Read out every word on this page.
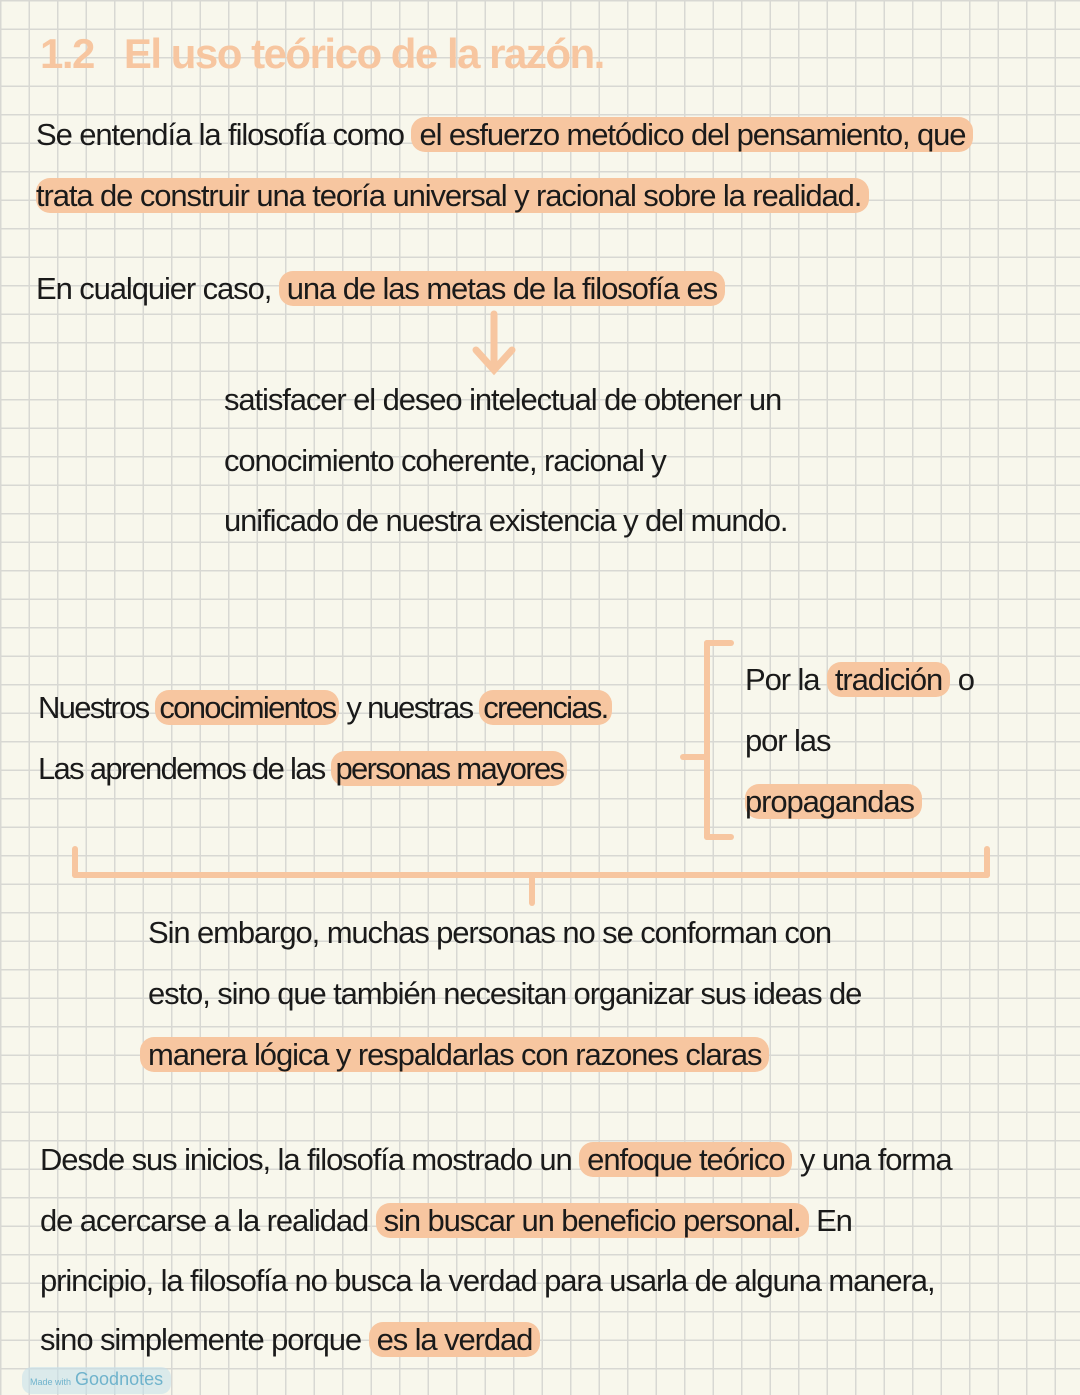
1.2 El uso teórico de la razón.
Se entendía la filosofía como el esfuerzo metódico del pensamiento, que
trata de construir una teoría universal y racional sobre la realidad.
En cualquier caso, una de las metas de la filosofía es
satisfacer el deseo intelectual de obtener un
conocimiento coherente, racional y
unificado de nuestra existencia y del mundo.
Nuestros conocimientos y nuestras creencias.
Las aprendemos de las personas mayores
Por la tradición o
por las
propagandas
Sin embargo, muchas personas no se conforman con
esto, sino que también necesitan organizar sus ideas de
manera lógica y respaldarlas con razones claras
Desde sus inicios, la filosofía mostrado un enfoque teórico y una forma
de acercarse a la realidad sin buscar un beneficio personal. En
principio, la filosofía no busca la verdad para usarla de alguna manera,
sino simplemente porque es la verdad
Made with Goodnotes
